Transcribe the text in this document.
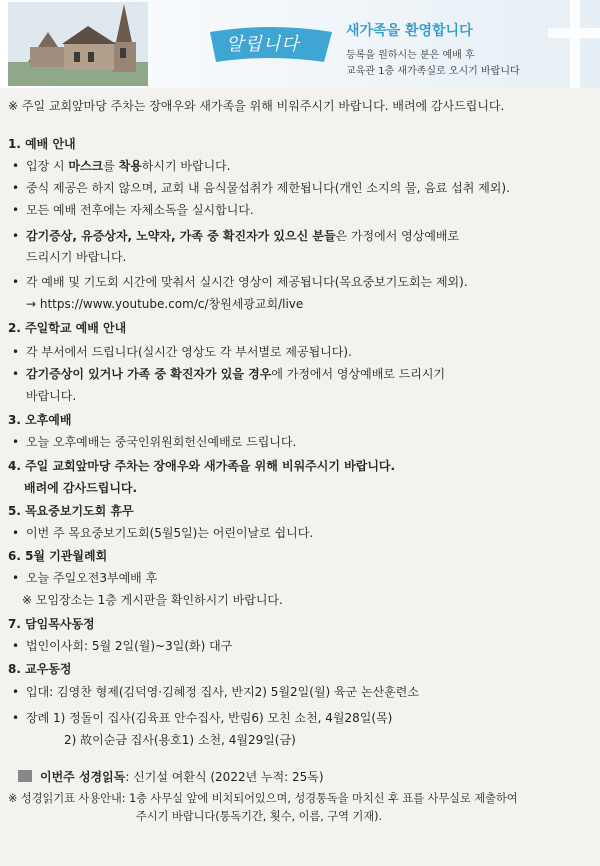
알립니다
새가족을 환영합니다
등록을 원하시는 분은 예배 후
교육관 1층 새가족실로 오시기 바랍니다
※ 주일 교회앞마당 주차는 장애우와 새가족을 위해 비워주시기 바랍니다. 배려에 감사드립니다.
1. 예배 안내
• 입장 시 마스크를 착용하시기 바랍니다.
• 중식 제공은 하지 않으며, 교회 내 음식물섭취가 제한됩니다(개인 소지의 물, 음료 섭취 제외).
• 모든 예배 전후에는 자체소독을 실시합니다.
• 감기증상, 유증상자, 노약자, 가족 중 확진자가 있으신 분들은 가정에서 영상예배로
드리시기 바랍니다.
• 각 예배 및 기도회 시간에 맞춰서 실시간 영상이 제공됩니다(목요중보기도회는 제외).
→ https://www.youtube.com/c/창원세광교회/live
2. 주일학교 예배 안내
• 각 부서에서 드립니다(실시간 영상도 각 부서별로 제공됩니다).
• 감기증상이 있거나 가족 중 확진자가 있을 경우에 가정에서 영상예배로 드리시기
바랍니다.
3. 오후예배
• 오늘 오후예배는 중국인위원회헌신예배로 드립니다.
4. 주일 교회앞마당 주차는 장애우와 새가족을 위해 비워주시기 바랍니다.
배려에 감사드립니다.
5. 목요중보기도회 휴무
• 이번 주 목요중보기도회(5월5일)는 어린이날로 쉽니다.
6. 5월 기관월례회
• 오늘 주일오전3부예배 후
※ 모임장소는 1층 게시판을 확인하시기 바랍니다.
7. 담임목사동정
• 법인이사회: 5월 2일(월)~3일(화) 대구
8. 교우동정
• 입대: 김영찬 형제(김덕영·김혜정 집사, 반지2) 5월2일(월) 육군 논산훈련소
• 장례 1) 정돌이 집사(김육표 안수집사, 반림6) 모친 소천, 4월28일(목)
2) 故이순금 집사(용호1) 소천, 4월29일(금)
이번주 성경읽독: 신기설 여환식 (2022년 누적: 25독)
※ 성경읽기표 사용안내: 1층 사무실 앞에 비치되어있으며, 성경통독을 마치신 후 표를 사무실로 제출하여
주시기 바랍니다(통독기간, 횟수, 이름, 구역 기재).
